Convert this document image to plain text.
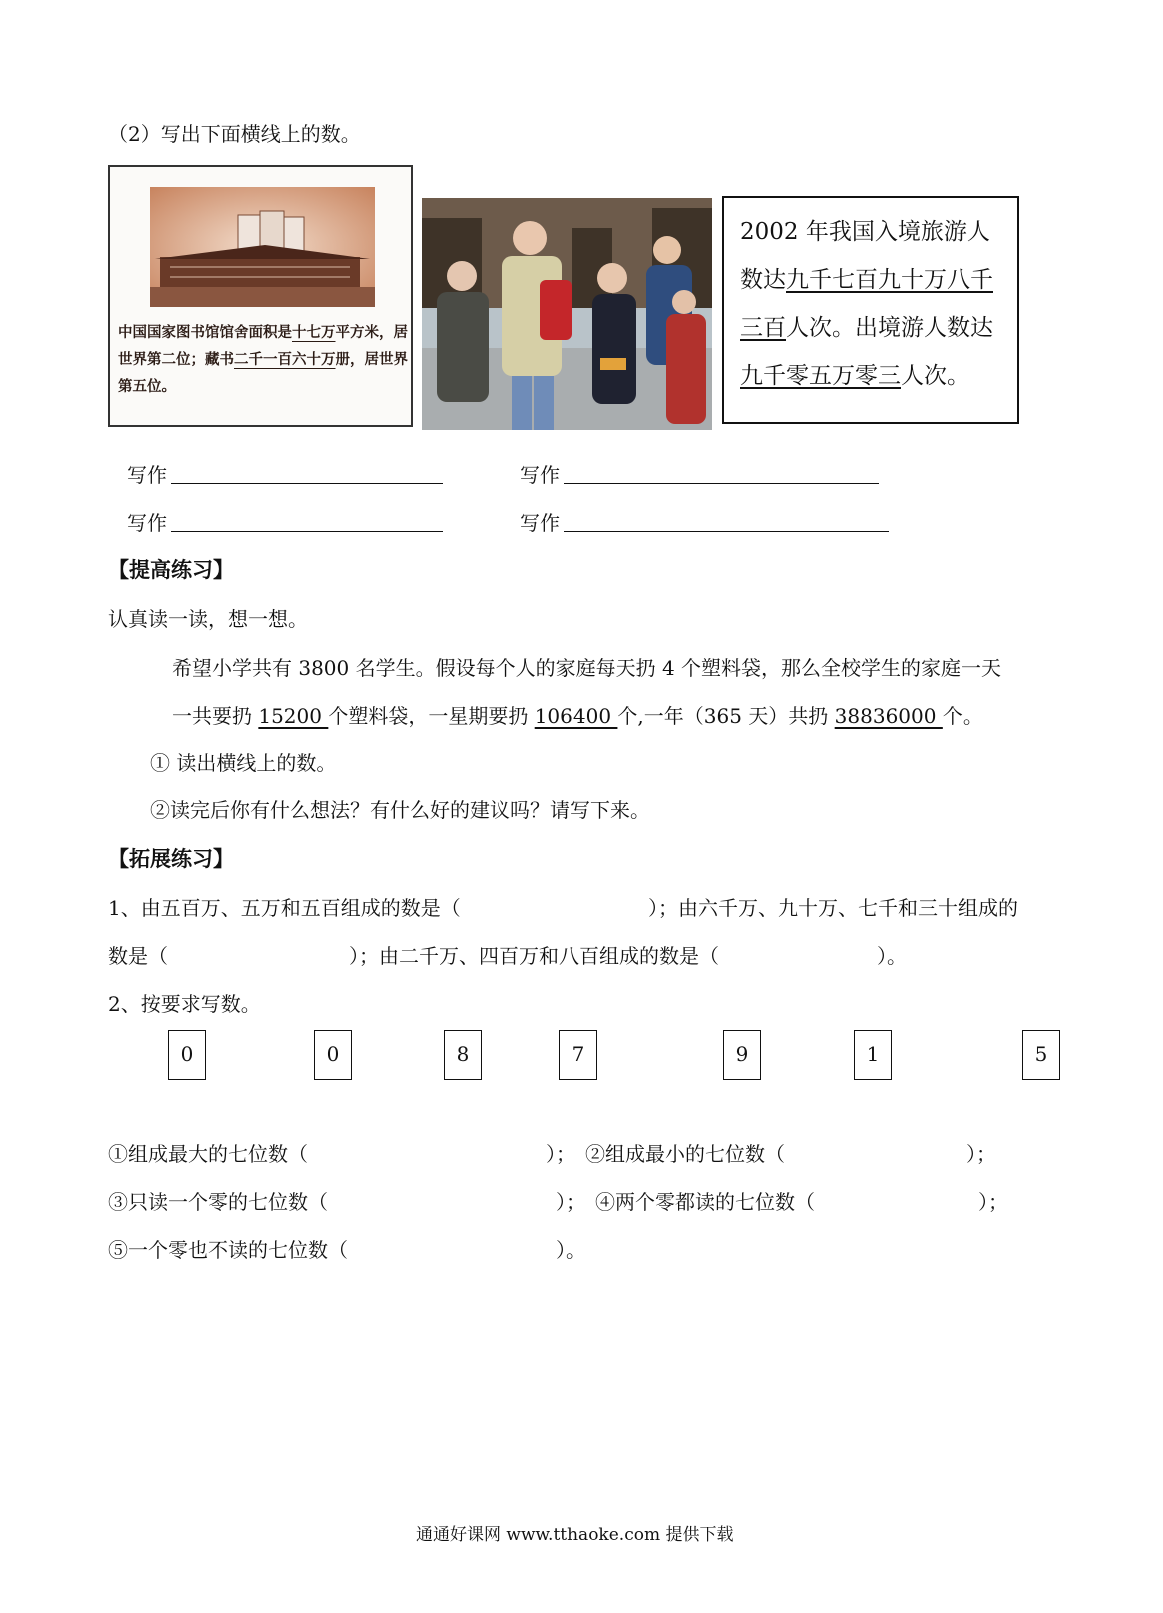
（2）写出下面横线上的数。
中国国家图书馆馆舍面积是十七万平方米，居世界第二位；藏书二千一百六十万册，居世界第五位。
2002 年我国入境旅游人数达九千七百九十万八千三百人次。出境游人数达九千零五万零三人次。
写作	写作
写作	写作
【提高练习】
认真读一读，想一想。
希望小学共有 3800 名学生。假设每个人的家庭每天扔 4 个塑料袋，那么全校学生的家庭一天
一共要扔 15200 个塑料袋，一星期要扔 106400 个,一年（365 天）共扔 38836000 个。
① 读出横线上的数。
②读完后你有什么想法？有什么好的建议吗？请写下来。
【拓展练习】
1、由五百万、五万和五百组成的数是（	）；由六千万、九十万、七千和三十组成的
数是（	）；由二千万、四百万和八百组成的数是（	）。
2、按要求写数。
0	0	8	7	9	1	5
①组成最大的七位数（	）； ②组成最小的七位数（	）；
③只读一个零的七位数（	）； ④两个零都读的七位数（	）；
⑤一个零也不读的七位数（	）。
通通好课网 www.tthaoke.com 提供下载
